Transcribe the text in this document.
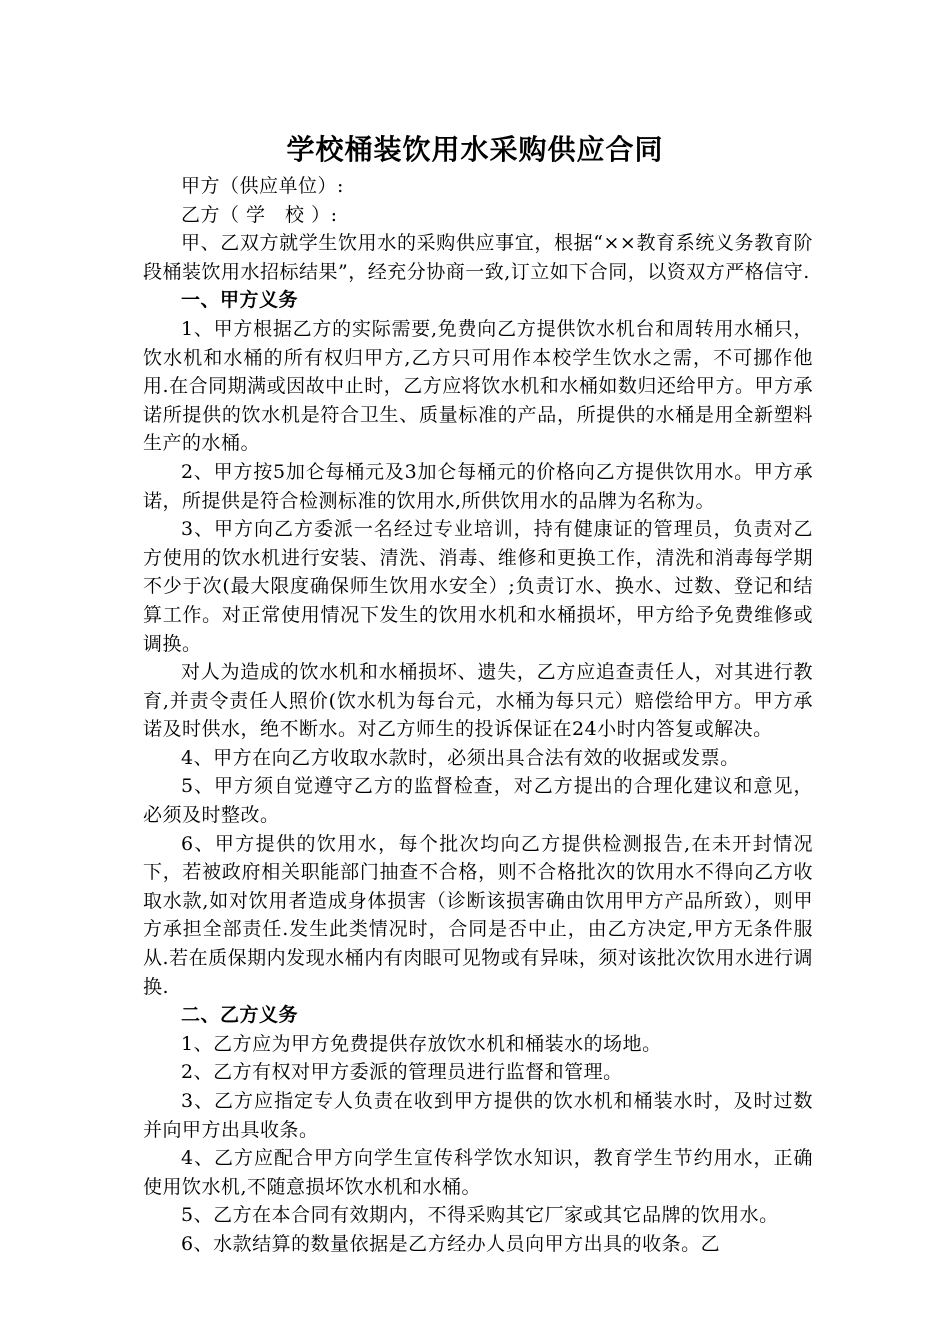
学校桶装饮用水采购供应合同

甲方（供应单位）:

乙方（ 学　校 ）:

甲、乙双方就学生饮用水的采购供应事宜，根据“××教育系统义务教育阶段桶装饮用水招标结果”，经充分协商一致,订立如下合同，以资双方严格信守.

一、甲方义务

1、甲方根据乙方的实际需要,免费向乙方提供饮水机台和周转用水桶只，饮水机和水桶的所有权归甲方,乙方只可用作本校学生饮水之需，不可挪作他用.在合同期满或因故中止时，乙方应将饮水机和水桶如数归还给甲方。甲方承诺所提供的饮水机是符合卫生、质量标准的产品，所提供的水桶是用全新塑料生产的水桶。

2、甲方按5加仑每桶元及3加仑每桶元的价格向乙方提供饮用水。甲方承诺，所提供是符合检测标准的饮用水,所供饮用水的品牌为名称为。

3、甲方向乙方委派一名经过专业培训，持有健康证的管理员，负责对乙方使用的饮水机进行安装、清洗、消毒、维修和更换工作，清洗和消毒每学期不少于次(最大限度确保师生饮用水安全）;负责订水、换水、过数、登记和结算工作。对正常使用情况下发生的饮用水机和水桶损坏，甲方给予免费维修或调换。

对人为造成的饮水机和水桶损坏、遗失，乙方应追查责任人，对其进行教育,并责令责任人照价(饮水机为每台元，水桶为每只元）赔偿给甲方。甲方承诺及时供水，绝不断水。对乙方师生的投诉保证在24小时内答复或解决。

4、甲方在向乙方收取水款时，必须出具合法有效的收据或发票。

5、甲方须自觉遵守乙方的监督检查，对乙方提出的合理化建议和意见，必须及时整改。

6、甲方提供的饮用水，每个批次均向乙方提供检测报告,在未开封情况下，若被政府相关职能部门抽查不合格，则不合格批次的饮用水不得向乙方收取水款,如对饮用者造成身体损害（诊断该损害确由饮用甲方产品所致），则甲方承担全部责任.发生此类情况时，合同是否中止，由乙方决定,甲方无条件服从.若在质保期内发现水桶内有肉眼可见物或有异味，须对该批次饮用水进行调换.

二、乙方义务

1、乙方应为甲方免费提供存放饮水机和桶装水的场地。

2、乙方有权对甲方委派的管理员进行监督和管理。

3、乙方应指定专人负责在收到甲方提供的饮水机和桶装水时，及时过数并向甲方出具收条。

4、乙方应配合甲方向学生宣传科学饮水知识，教育学生节约用水，正确使用饮水机,不随意损坏饮水机和水桶。

5、乙方在本合同有效期内，不得采购其它厂家或其它品牌的饮用水。

6、水款结算的数量依据是乙方经办人员向甲方出具的收条。乙
